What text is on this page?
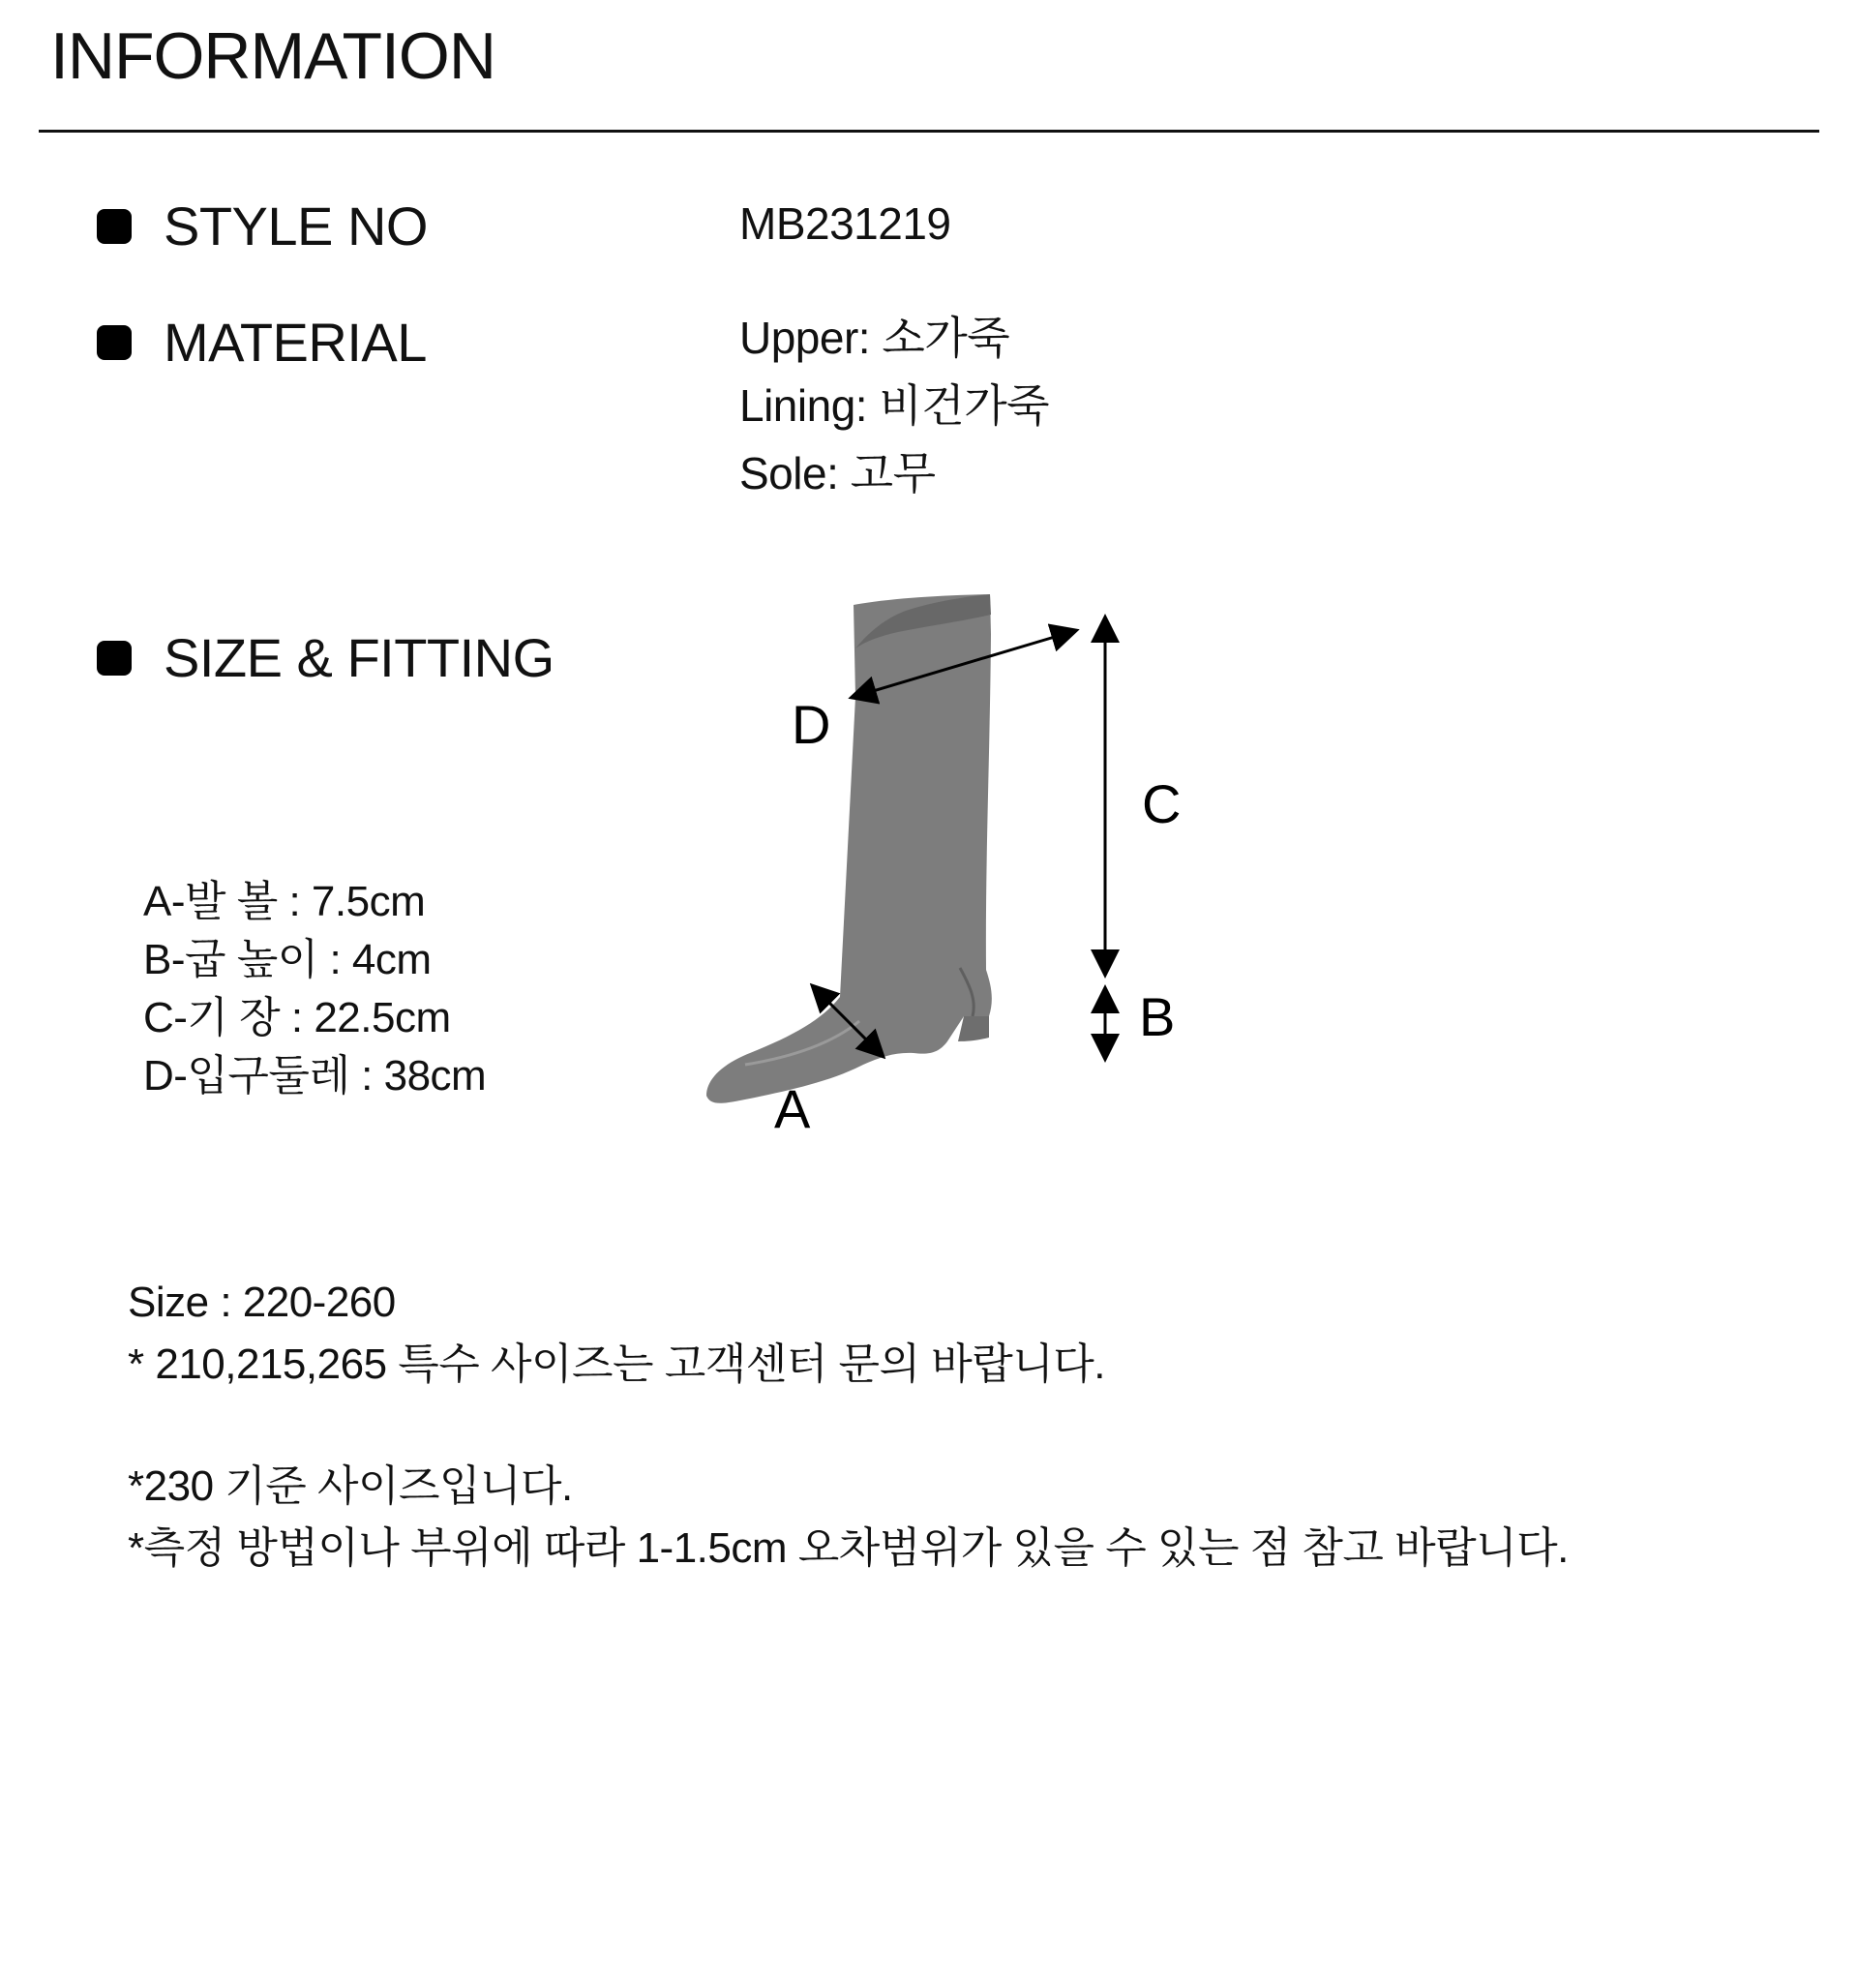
INFORMATION
STYLE NO	MB231219
MATERIAL	Upper: 소가죽
Lining: 비건가죽
Sole: 고무
SIZE & FITTING
A-발 볼 : 7.5cm
B-굽 높이 : 4cm
C-기 장 : 22.5cm
D-입구둘레 : 38cm
D
C
B
A

Size : 220-260

* 210,215,265 특수 사이즈는 고객센터 문의 바랍니다.

*230 기준 사이즈입니다.

*측정 방법이나 부위에 따라 1-1.5cm 오차범위가 있을 수 있는 점 참고 바랍니다.
